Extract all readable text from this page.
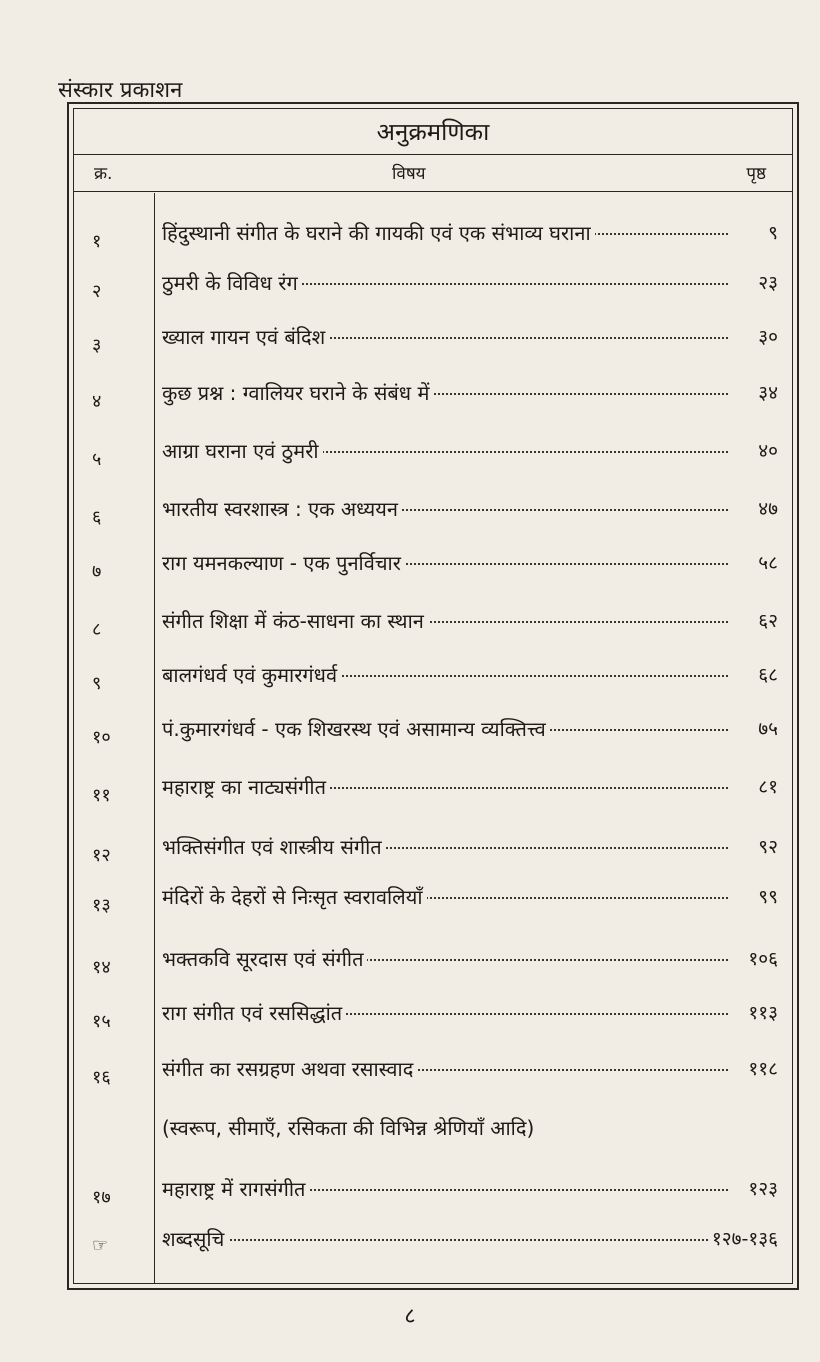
संस्कार प्रकाशन
अनुक्रमणिका
क्र.	विषय	पृष्ठ
१	हिंदुस्थानी संगीत के घराने की गायकी एवं एक संभाव्य घराना	९
२	ठुमरी के विविध रंग	२३
३	ख्याल गायन एवं बंदिश	३०
४	कुछ प्रश्न : ग्वालियर घराने के संबंध में	३४
५	आग्रा घराना एवं ठुमरी	४०
६	भारतीय स्वरशास्त्र : एक अध्ययन	४७
७	राग यमनकल्याण - एक पुनर्विचार	५८
८	संगीत शिक्षा में कंठ-साधना का स्थान	६२
९	बालगंधर्व एवं कुमारगंधर्व	६८
१०	पं.कुमारगंधर्व - एक शिखरस्थ एवं असामान्य व्यक्तित्त्व	७५
११	महाराष्ट्र का नाट्यसंगीत	८१
१२	भक्तिसंगीत एवं शास्त्रीय संगीत	९२
१३	मंदिरों के देहरों से निःसृत स्वरावलियाँ	९९
१४	भक्तकवि सूरदास एवं संगीत	१०६
१५	राग संगीत एवं रससिद्धांत	११३
१६	संगीत का रसग्रहण अथवा रसास्वाद	११८
१७	महाराष्ट्र में रागसंगीत	१२३
☞	शब्दसूचि	१२७-१३६
(स्वरूप, सीमाएँ, रसिकता की विभिन्न श्रेणियाँ आदि)
८
